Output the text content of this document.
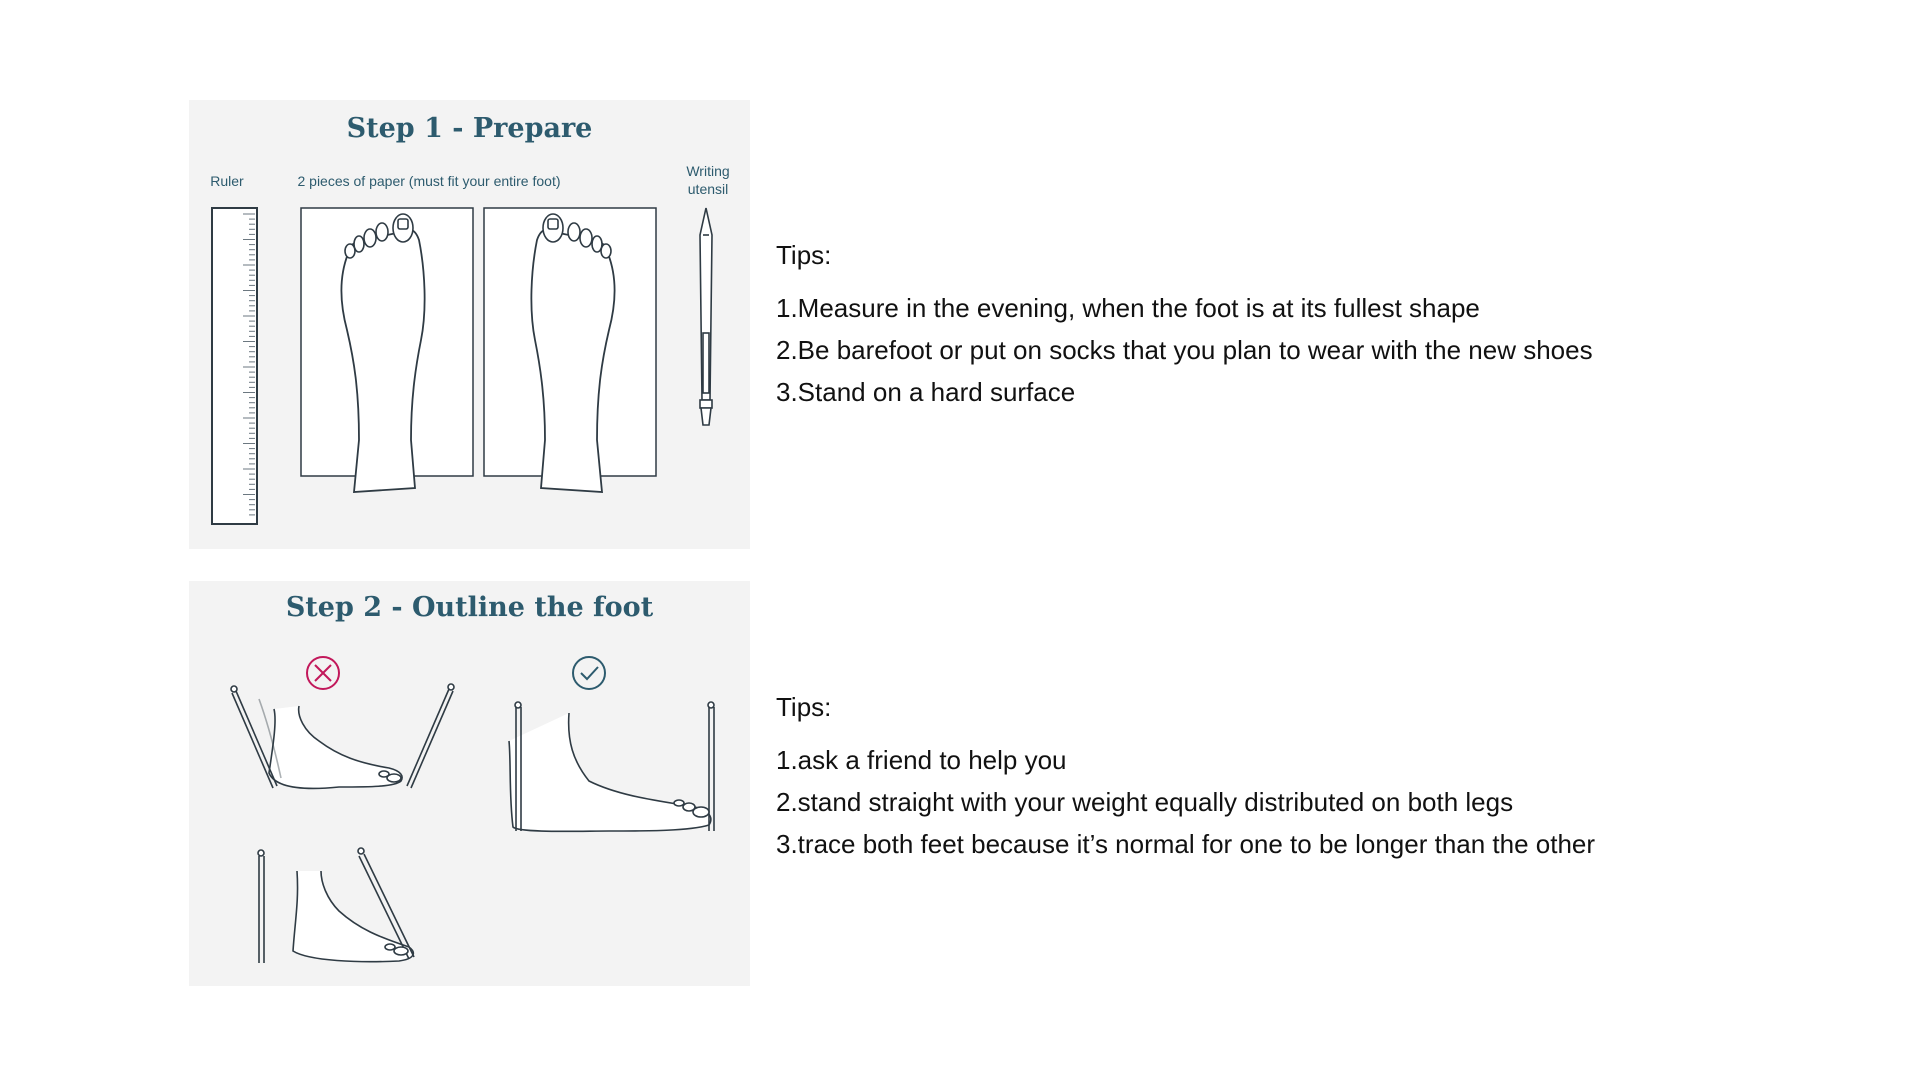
Step 1 - Prepare
Ruler	2 pieces of paper (must fit your entire foot)
Writing utensil
Step 2 - Outline the foot
Tips:
1.Measure in the evening, when the foot is at its fullest shape
2.Be barefoot or put on socks that you plan to wear with the new shoes
3.Stand on a hard surface
Tips:
1.ask a friend to help you
2.stand straight with your weight equally distributed on both legs
3.trace both feet because it’s normal for one to be longer than the other
